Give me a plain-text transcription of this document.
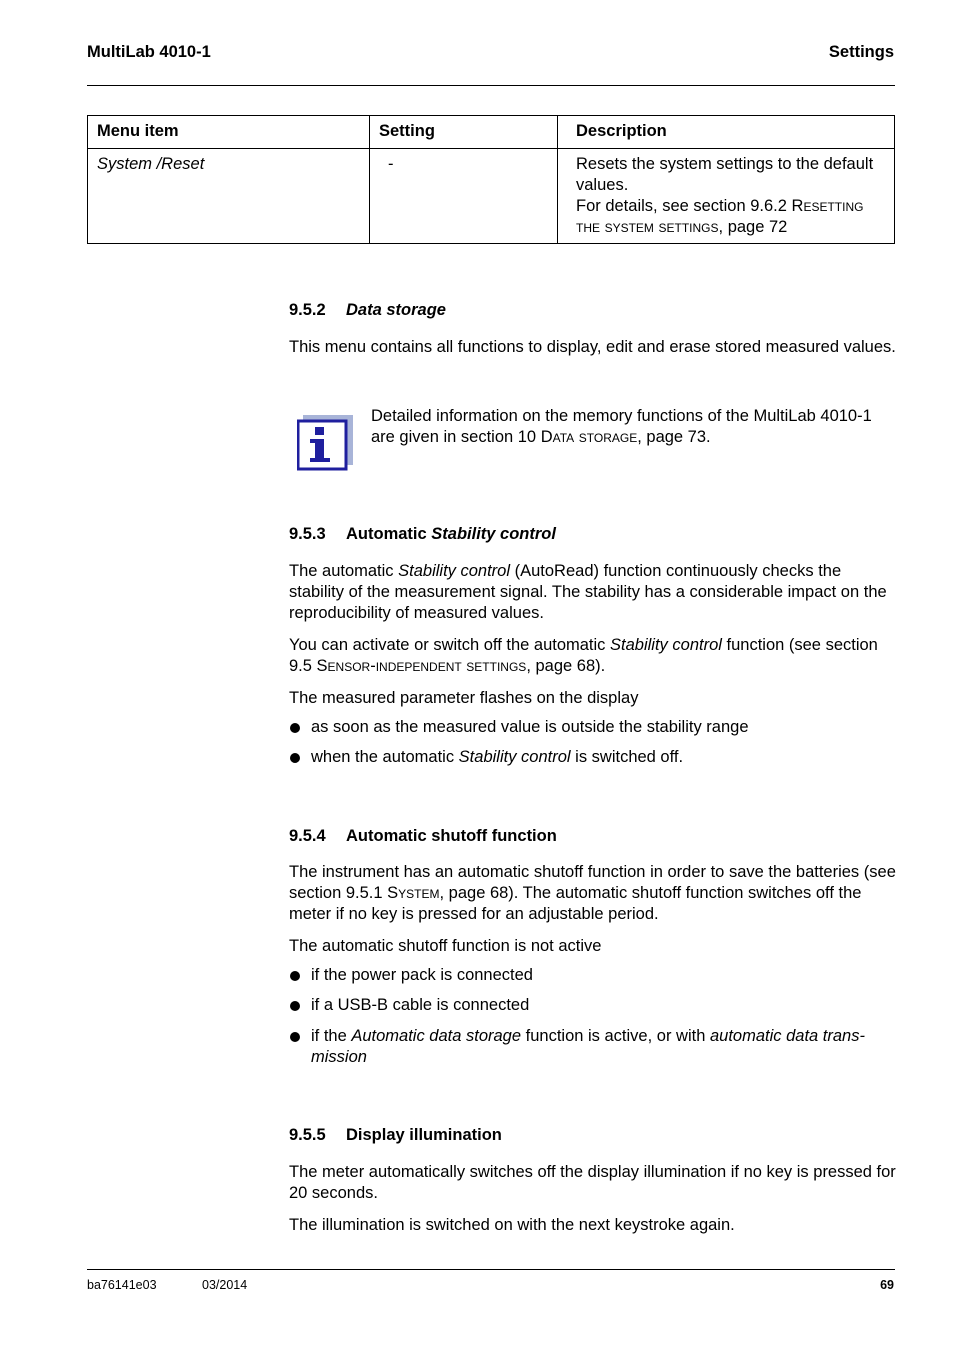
MultiLab 4010-1	Settings
Menu item	Setting	Description
System /Reset	-	Resets the system settings to the default values.
For details, see section 9.6.2 Resetting the system settings, page 72
9.5.2 Data storage

This menu contains all functions to display, edit and erase stored measured values.

Detailed information on the memory functions of the MultiLab 4010-1 are given in section 10 Data storage, page 73.

9.5.3 Automatic Stability control

The automatic Stability control (AutoRead) function continuously checks the stability of the measurement signal. The stability has a considerable impact on the reproducibility of measured values.

You can activate or switch off the automatic Stability control function (see section 9.5 Sensor-independent settings, page 68).

The measured parameter flashes on the display

as soon as the measured value is outside the stability range
when the automatic Stability control is switched off.
9.5.4 Automatic shutoff function

The instrument has an automatic shutoff function in order to save the batteries (see section 9.5.1 System, page 68). The automatic shutoff function switches off the meter if no key is pressed for an adjustable period.

The automatic shutoff function is not active

if the power pack is connected
if a USB-B cable is connected
if the Automatic data storage function is active, or with automatic data trans-mission
9.5.5 Display illumination

The meter automatically switches off the display illumination if no key is pressed for 20 seconds.

The illumination is switched on with the next keystroke again.

ba76141e03	03/2014	69
